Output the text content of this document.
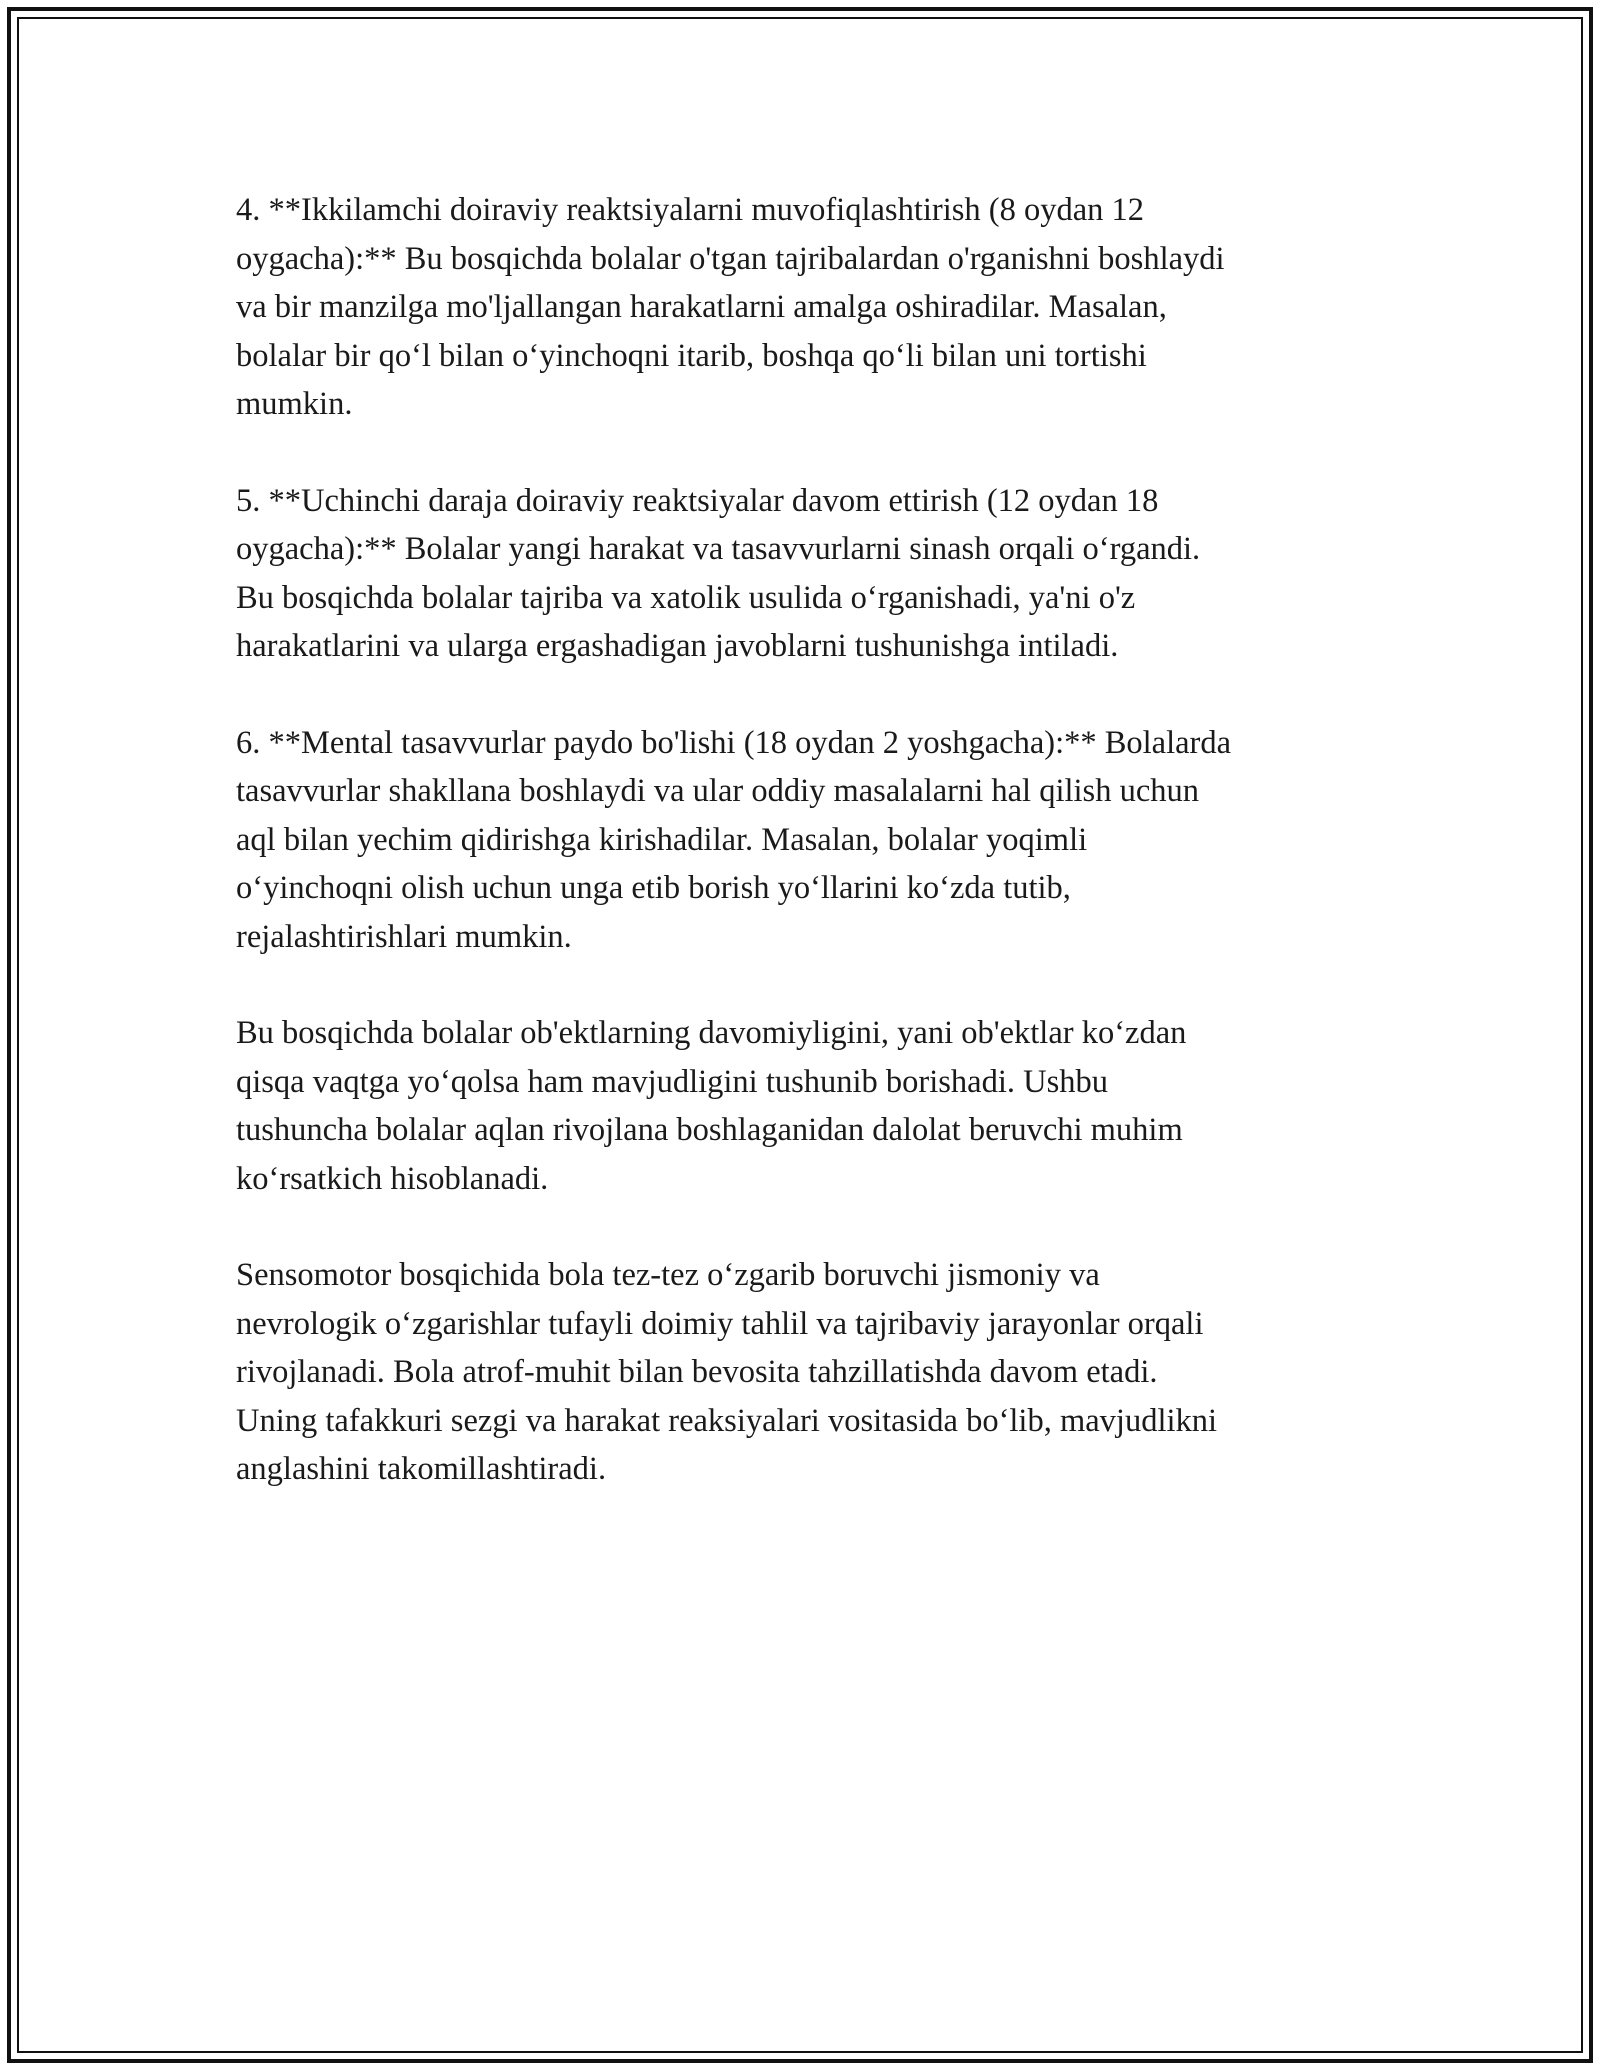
4. **Ikkilamchi doiraviy reaktsiyalarni muvofiqlashtirish (8 oydan 12
oygacha):** Bu bosqichda bolalar o'tgan tajribalardan o'rganishni boshlaydi
va bir manzilga mo'ljallangan harakatlarni amalga oshiradilar. Masalan,
bolalar bir qo‘l bilan o‘yinchoqni itarib, boshqa qo‘li bilan uni tortishi
mumkin.

5. **Uchinchi daraja doiraviy reaktsiyalar davom ettirish (12 oydan 18
oygacha):** Bolalar yangi harakat va tasavvurlarni sinash orqali o‘rgandi.
Bu bosqichda bolalar tajriba va xatolik usulida o‘rganishadi, ya'ni o'z
harakatlarini va ularga ergashadigan javoblarni tushunishga intiladi.

6. **Mental tasavvurlar paydo bo'lishi (18 oydan 2 yoshgacha):** Bolalarda
tasavvurlar shakllana boshlaydi va ular oddiy masalalarni hal qilish uchun
aql bilan yechim qidirishga kirishadilar. Masalan, bolalar yoqimli
o‘yinchoqni olish uchun unga etib borish yo‘llarini ko‘zda tutib,
rejalashtirishlari mumkin.

Bu bosqichda bolalar ob'ektlarning davomiyligini, yani ob'ektlar ko‘zdan
qisqa vaqtga yo‘qolsa ham mavjudligini tushunib borishadi. Ushbu
tushuncha bolalar aqlan rivojlana boshlaganidan dalolat beruvchi muhim
ko‘rsatkich hisoblanadi.

Sensomotor bosqichida bola tez-tez o‘zgarib boruvchi jismoniy va
nevrologik o‘zgarishlar tufayli doimiy tahlil va tajribaviy jarayonlar orqali
rivojlanadi. Bola atrof-muhit bilan bevosita tahzillatishda davom etadi.
Uning tafakkuri sezgi va harakat reaksiyalari vositasida bo‘lib, mavjudlikni
anglashini takomillashtiradi.
